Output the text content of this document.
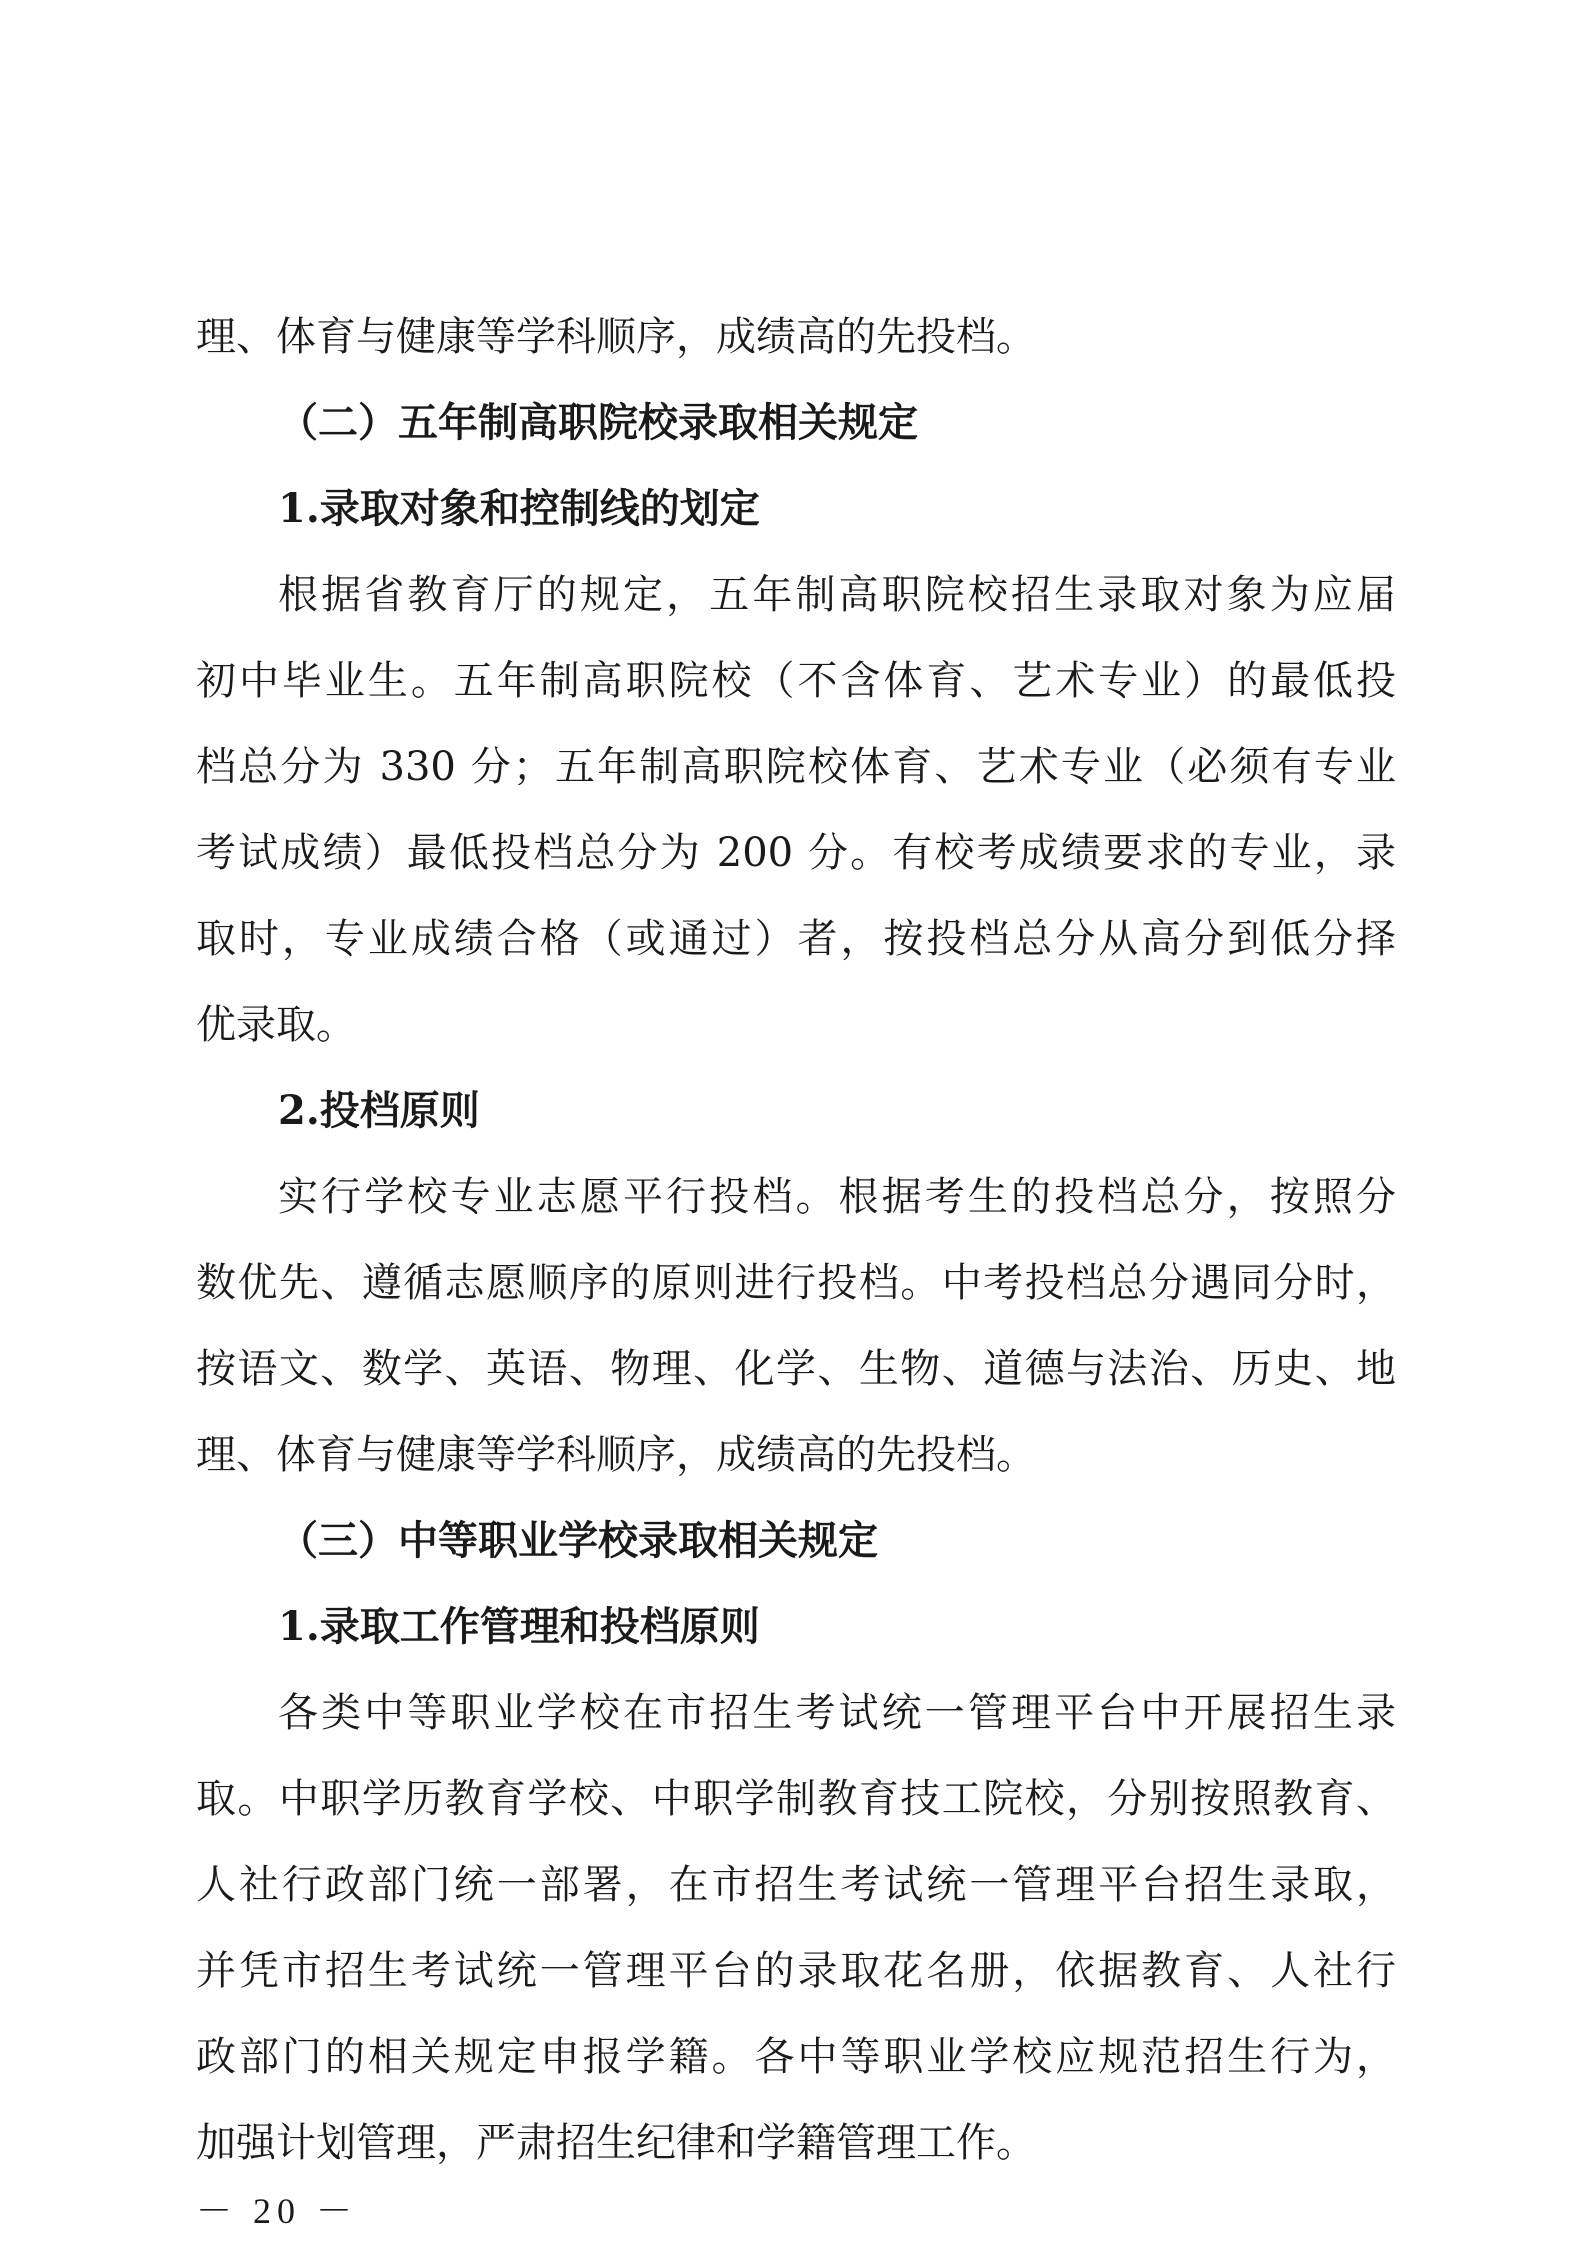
理、体育与健康等学科顺序，成绩高的先投档。
（二）五年制高职院校录取相关规定
1.录取对象和控制线的划定
根据省教育厅的规定，五年制高职院校招生录取对象为应届
初中毕业生。五年制高职院校（不含体育、艺术专业）的最低投
档总分为 330 分；五年制高职院校体育、艺术专业（必须有专业
考试成绩）最低投档总分为 200 分。有校考成绩要求的专业，录
取时，专业成绩合格（或通过）者，按投档总分从高分到低分择
优录取。
2.投档原则
实行学校专业志愿平行投档。根据考生的投档总分，按照分
数优先、遵循志愿顺序的原则进行投档。中考投档总分遇同分时，
按语文、数学、英语、物理、化学、生物、道德与法治、历史、地
理、体育与健康等学科顺序，成绩高的先投档。
（三）中等职业学校录取相关规定
1.录取工作管理和投档原则
各类中等职业学校在市招生考试统一管理平台中开展招生录
取。中职学历教育学校、中职学制教育技工院校，分别按照教育、
人社行政部门统一部署，在市招生考试统一管理平台招生录取，
并凭市招生考试统一管理平台的录取花名册，依据教育、人社行
政部门的相关规定申报学籍。各中等职业学校应规范招生行为，
加强计划管理，严肃招生纪律和学籍管理工作。
－ 20 －
